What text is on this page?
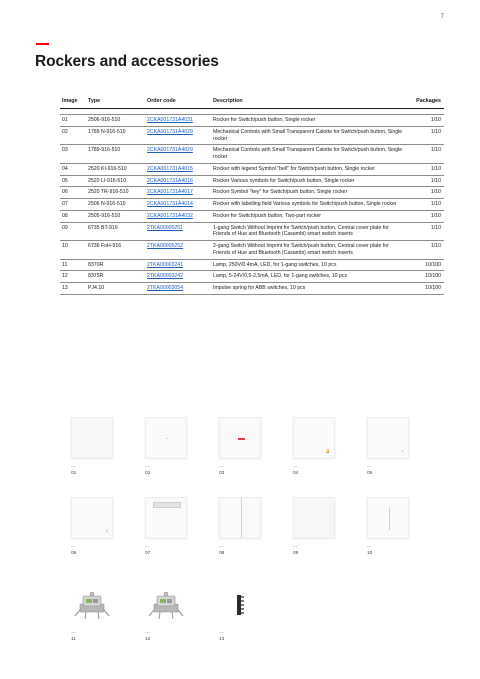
7
Rockers and accessories
Image	Type	Order code	Description	Packages

01	2506-916-510	2CKA001731A4031	Rocker for Switch/push button, Single rocker	1/10
02	1789 N-916-510	2CKA001731A4029	Mechanical Controls with Small Transparent Calotte for Switch/push button, Single rocker	1/10
03	1789-916-510	2CKA001731A4029	Mechanical Controls with Small Transparent Calotte for Switch/push button, Single rocker	1/10
04	2520 KI-916-510	2CKA001731A4015	Rocker with legend Symbol "bell" for Switch/push button, Single rocker	1/10
05	2520 LI-916-510	2CKA001731A4016	Rocker Various symbols for Switch/push button, Single rocker	1/10
06	2520 TR-916-510	2CKA001731A4017	Rocker Symbol "key" for Switch/push button, Single rocker	1/10
07	2506 N-916-510	2CKA001731A4014	Rocker with labelling field Various symbols for Switch/push button, Single rocker	1/10
08	2505-916-510	2CKA001731A4032	Rocker for Switch/push button, Two-part rocker	1/10
09	6735 BT-916	2TKA00005251	1-gang Switch Without Imprint for Switch/push button, Central cover plate for Friends of Hue and Bluetooth (Casambi) smart switch inserts	1/10
10	6736 FoH-916	2TKA00005252	2-gang Switch Without Imprint for Switch/push button, Central cover plate for Friends of Hue and Bluetooth (Casambi) smart switch inserts	1/10
11	8370R	2TKA00003241	Lamp, 250V/0.4mA, LED, for 1-gang switches, 10 pcs	10/100
12	8375R	2TKA00003242	Lamp, 5-24V/0,5-2,5mA, LED, for 1-gang switches, 10 pcs	10/100
13	PJ4.10	2TKA00003054	Impulse spring for ABB switches, 10 pcs	10/100
—
01
—
02
—
03
🔔
—
04
◐
—
05
⚷
—
06
—
07
—
08
—
09
—
10
—
11
—
12
—
13
